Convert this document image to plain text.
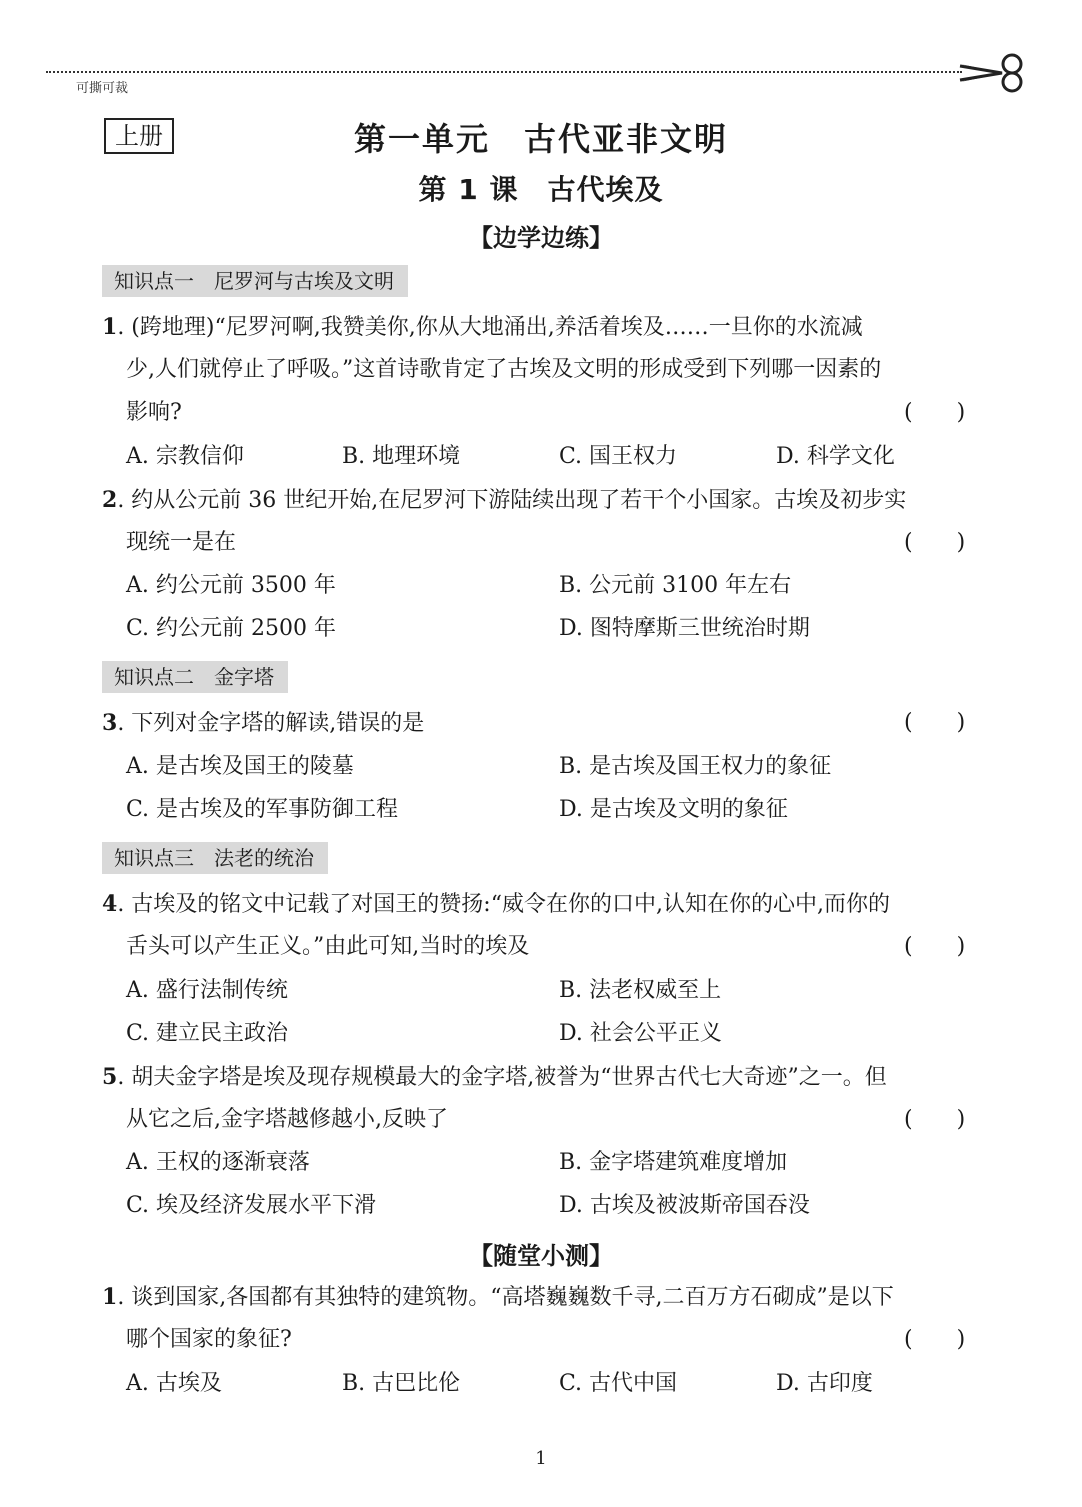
可撕可裁
上册	第一单元　古代亚非文明
第 1 课　古代埃及
【边学边练】
知识点一　尼罗河与古埃及文明
1. (跨地理)“尼罗河啊,我赞美你,你从大地涌出,养活着埃及……一旦你的水流减
少,人们就停止了呼吸。”这首诗歌肯定了古埃及文明的形成受到下列哪一因素的
影响?	(　　)
A. 宗教信仰	B. 地理环境	C. 国王权力	D. 科学文化
2. 约从公元前 36 世纪开始,在尼罗河下游陆续出现了若干个小国家。古埃及初步实
现统一是在	(　　)
A. 约公元前 3500 年	B. 公元前 3100 年左右
C. 约公元前 2500 年	D. 图特摩斯三世统治时期
知识点二　金字塔
3. 下列对金字塔的解读,错误的是	(　　)
A. 是古埃及国王的陵墓	B. 是古埃及国王权力的象征
C. 是古埃及的军事防御工程	D. 是古埃及文明的象征
知识点三　法老的统治
4. 古埃及的铭文中记载了对国王的赞扬:“威令在你的口中,认知在你的心中,而你的
舌头可以产生正义。”由此可知,当时的埃及	(　　)
A. 盛行法制传统	B. 法老权威至上
C. 建立民主政治	D. 社会公平正义
5. 胡夫金字塔是埃及现存规模最大的金字塔,被誉为“世界古代七大奇迹”之一。但
从它之后,金字塔越修越小,反映了	(　　)
A. 王权的逐渐衰落	B. 金字塔建筑难度增加
C. 埃及经济发展水平下滑	D. 古埃及被波斯帝国吞没
【随堂小测】
1. 谈到国家,各国都有其独特的建筑物。“高塔巍巍数千寻,二百万方石砌成”是以下
哪个国家的象征?	(　　)
A. 古埃及	B. 古巴比伦	C. 古代中国	D. 古印度
1
